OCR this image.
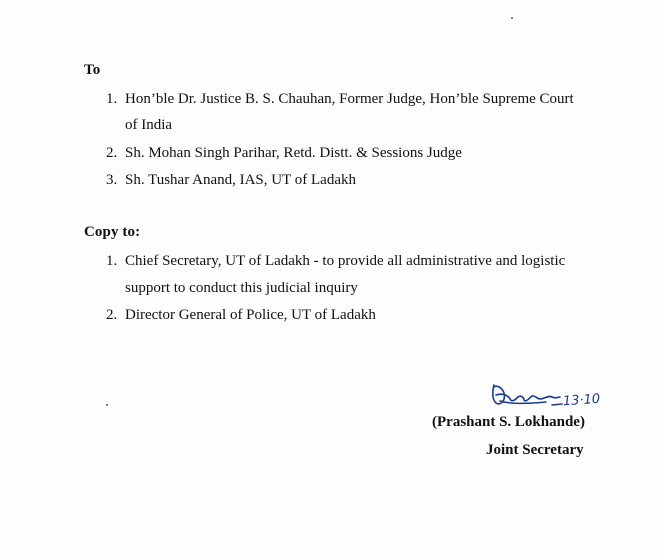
To
1. Hon’ble Dr. Justice B. S. Chauhan, Former Judge, Hon’ble Supreme Court
of India
2. Sh. Mohan Singh Parihar, Retd. Distt. & Sessions Judge
3. Sh. Tushar Anand, IAS, UT of Ladakh
Copy to:
1. Chief Secretary, UT of Ladakh - to provide all administrative and logistic
support to conduct this judicial inquiry
2. Director General of Police, UT of Ladakh
13·10
(Prashant S. Lokhande)
Joint Secretary
